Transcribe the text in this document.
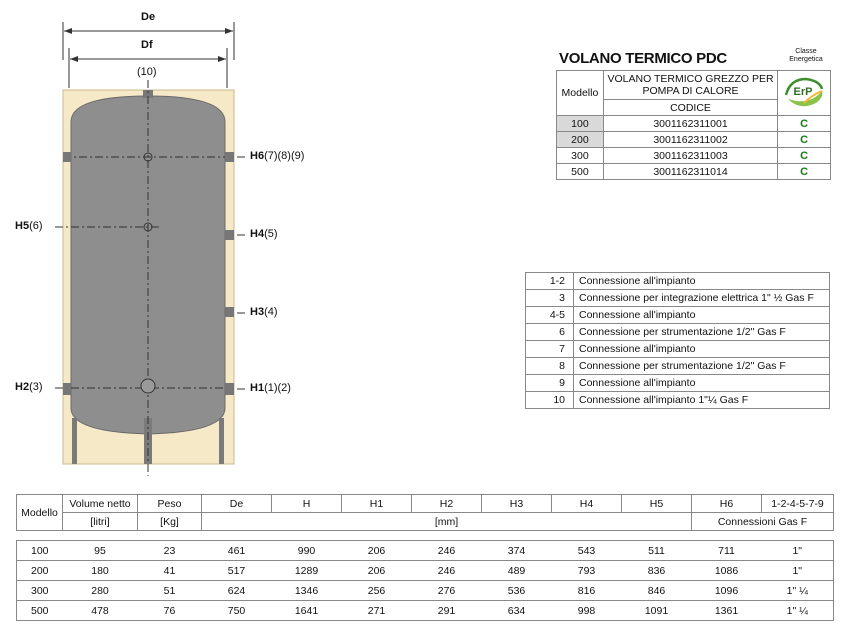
De
Df
(10)
H6(7)(8)(9)
H5(6)
H4(5)
H3(4)
H2(3)	H1(1)(2)
VOLANO TERMICO PDC	Classe
Energetica
Modello	VOLANO TERMICO GREZZO PER POMPA DI CALORE	ErP

	CODICE	
100	3001162311001	C
200	3001162311002	C
300	3001162311003	C
500	3001162311014	C
1-2	Connessione all'impianto
3	Connessione per integrazione elettrica 1" ½ Gas F
4-5	Connessione all'impianto
6	Connessione per strumentazione 1/2" Gas F
7	Connessione all'impianto
8	Connessione per strumentazione 1/2" Gas F
9	Connessione all'impianto
10	Connessione all'impianto 1"¼ Gas F
Modello	Volume netto	Peso	De	H	H1	H2	H3	H4	H5	H6	1-2-4-5-7-9
	[litri]	[Kg]	[mm]							Connessioni Gas F	

100	95	23	461	990	206	246	374	543	511	711	1"
200	180	41	517	1289	206	246	489	793	836	1086	1"
300	280	51	624	1346	256	276	536	816	846	1096	1" ¼
500	478	76	750	1641	271	291	634	998	1091	1361	1" ¼
